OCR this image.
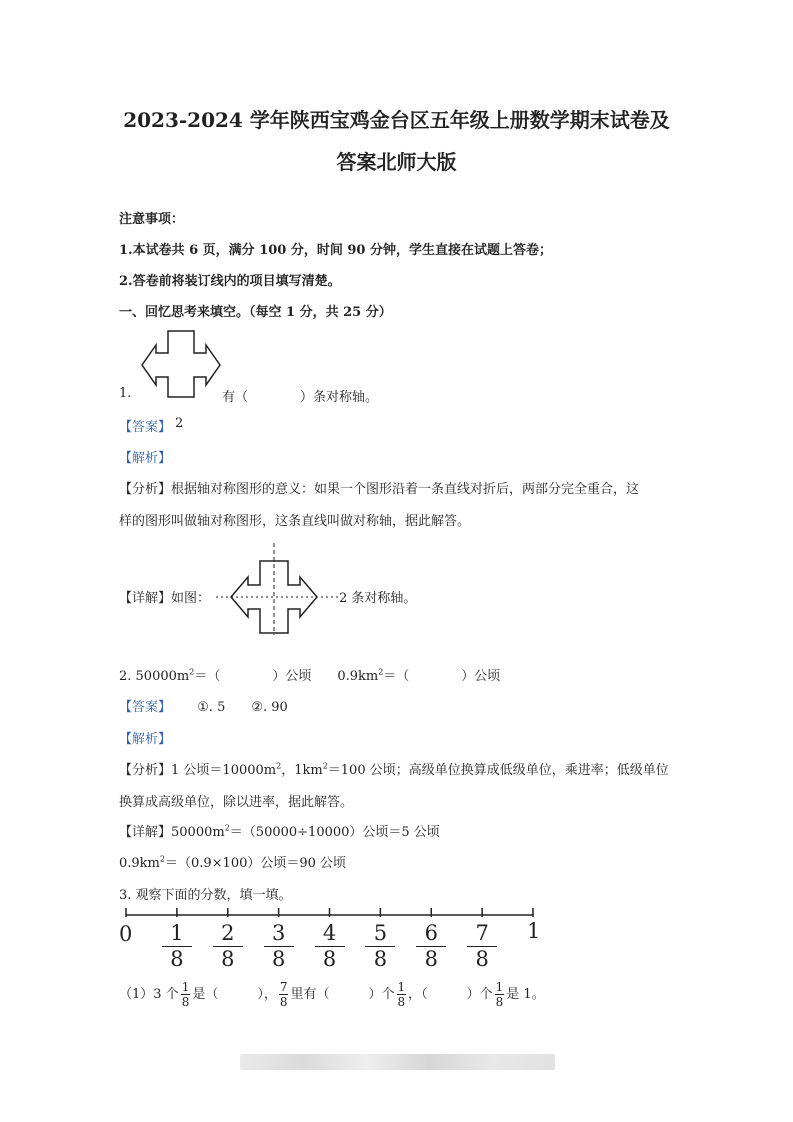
2023-2024 学年陕西宝鸡金台区五年级上册数学期末试卷及
答案北师大版
注意事项：
1.本试卷共 6 页，满分 100 分，时间 90 分钟，学生直接在试题上答卷；
2.答卷前将装订线内的项目填写清楚。
一、回忆思考来填空。（每空 1 分，共 25 分）
1.	有（　　　　）条对称轴。
【答案】 2
【解析】
【分析】根据轴对称图形的意义：如果一个图形沿着一条直线对折后，两部分完全重合，这
样的图形叫做轴对称图形，这条直线叫做对称轴，据此解答。
【详解】如图：	2 条对称轴。
2. $50000m^2=$（　　　　）公顷　　$0.9km^2=$（　　　　）公顷
【答案】 ①. 5　　②. 90
【解析】
【分析】1 公顷$=10000m^2$，$1km^2=100$ 公顷；高级单位换算成低级单位，乘进率；低级单位
换算成高级单位，除以进率，据此解答。
【详解】$50000m^2=(50000\div 10000)$公顷＝5 公顷
$0.9km^2=(0.9\times 100)$公顷＝90 公顷
3. 观察下面的分数，填一填。
0	1
8
2
8
3
8
4
8
5
8
6
8
7
8
1
（1）3 个 $\frac{1}{8}$ 是（　　　）， $\frac{7}{8}$ 里有（　　　）个 $\frac{1}{8}$ ，（　　　）个 $\frac{1}{8}$ 是 1。
